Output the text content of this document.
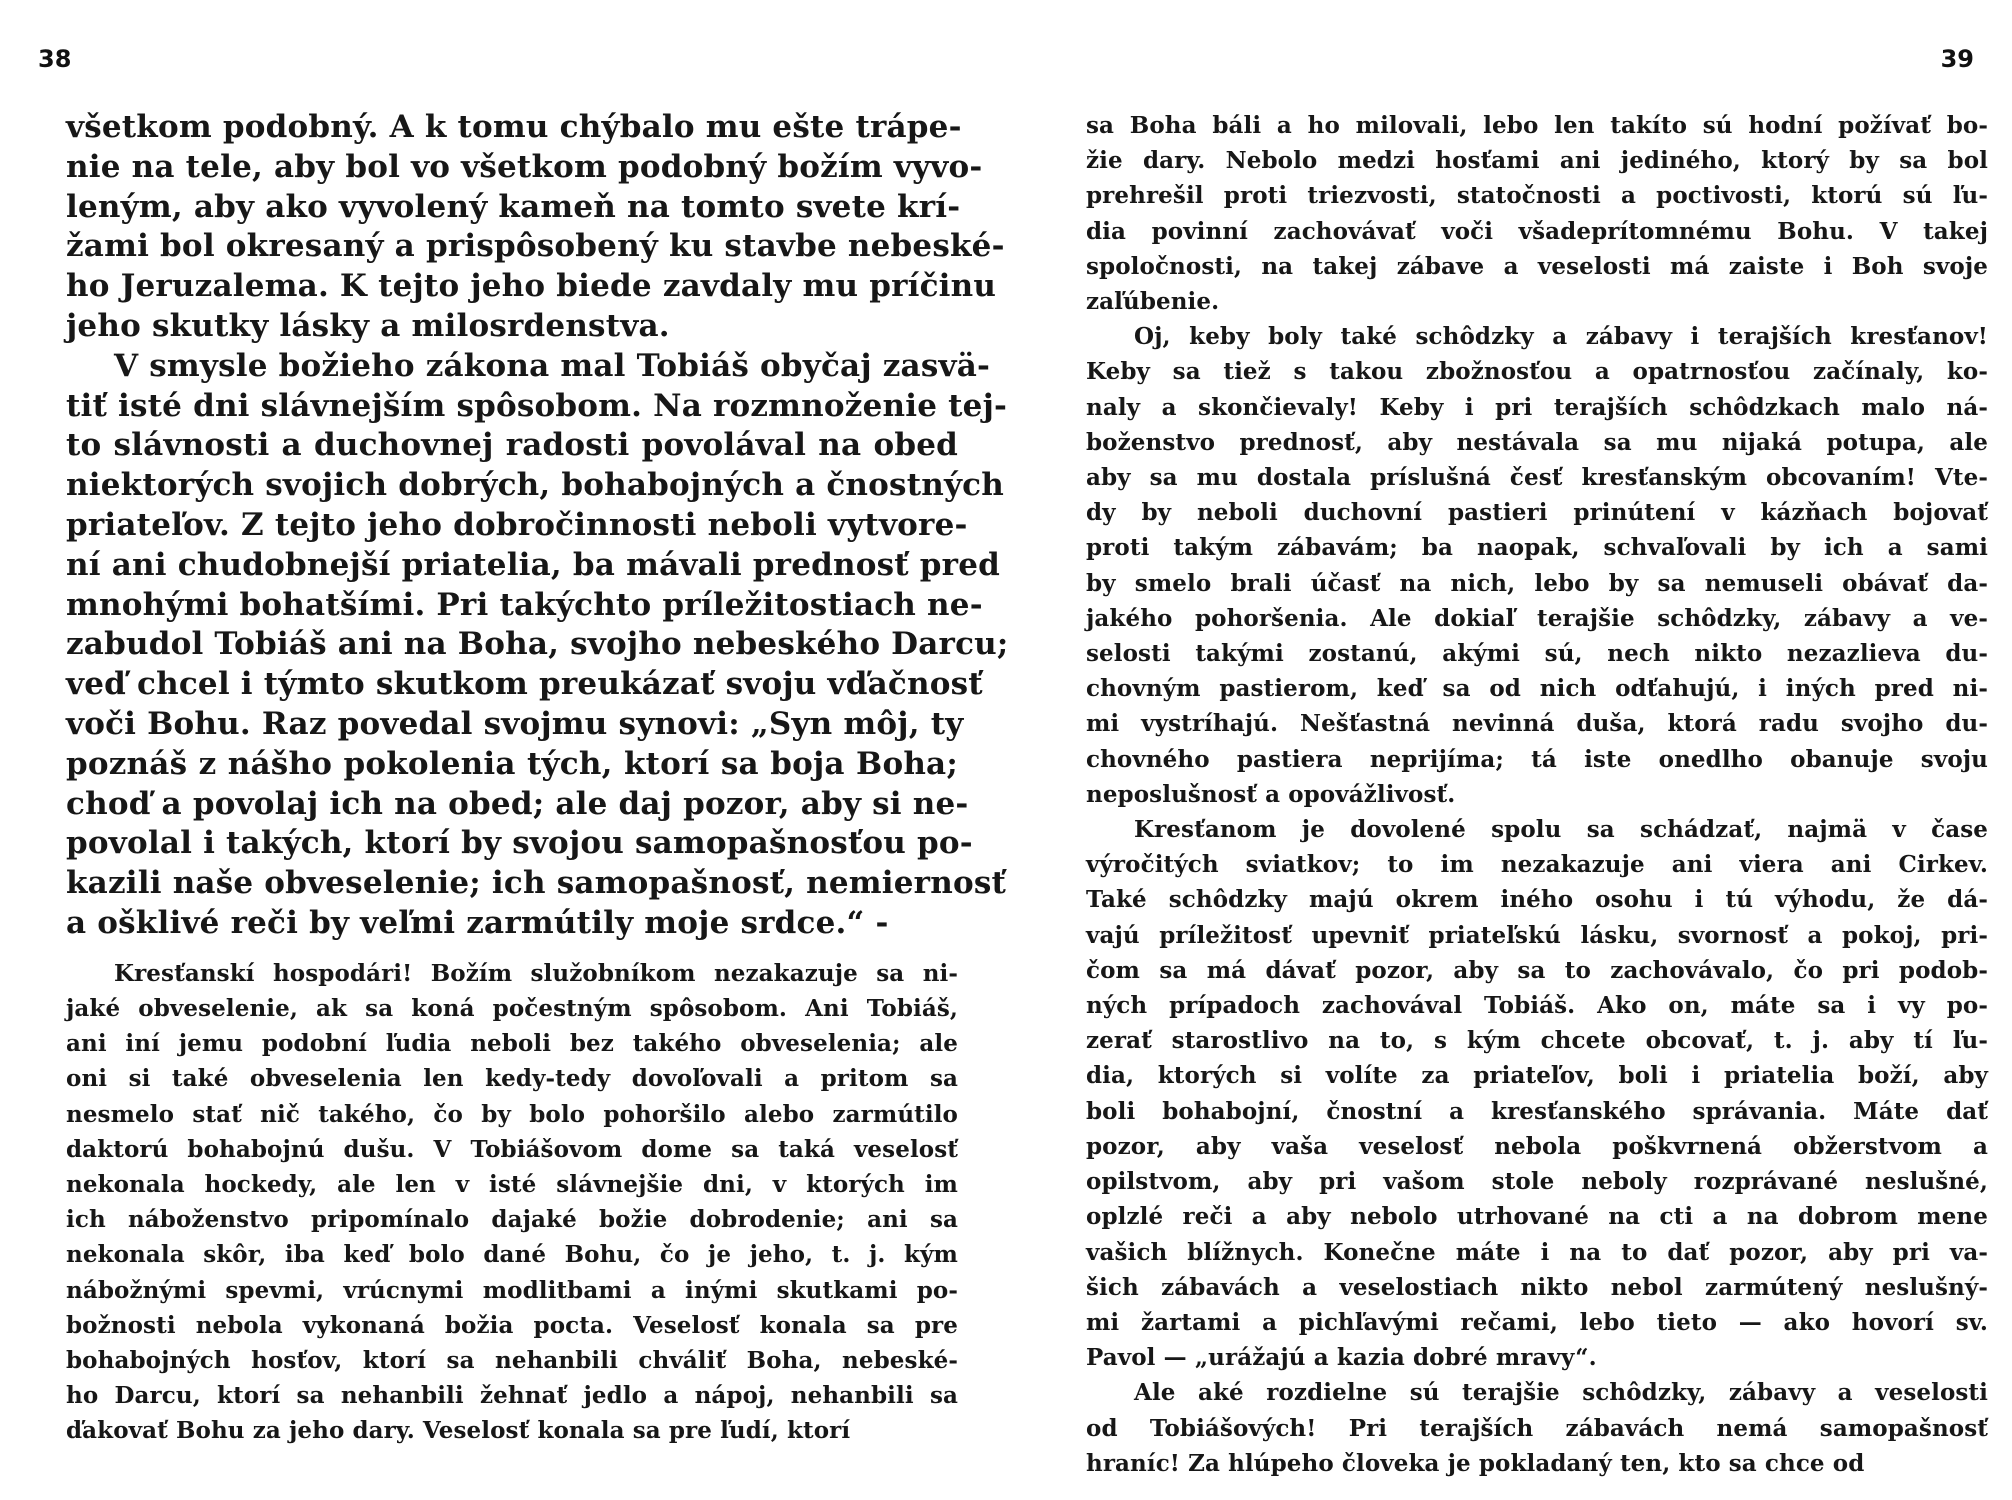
38

všetkom podobný. A k tomu chýbalo mu ešte trápe-
nie na tele, aby bol vo všetkom podobný božím vyvo-
leným, aby ako vyvolený kameň na tomto svete krí-
žami bol okresaný a prispôsobený ku stavbe nebeské-
ho Jeruzalema. K tejto jeho biede zavdaly mu príčinu
jeho skutky lásky a milosrdenstva.

V smysle božieho zákona mal Tobiáš obyčaj zasvä-
tiť isté dni slávnejším spôsobom. Na rozmnoženie tej-
to slávnosti a duchovnej radosti povolával na obed
niektorých svojich dobrých, bohabojných a čnostných
priateľov. Z tejto jeho dobročinnosti neboli vytvore-
ní ani chudobnejší priatelia, ba mávali prednosť pred
mnohými bohatšími. Pri takýchto príležitostiach ne-
zabudol Tobiáš ani na Boha, svojho nebeského Darcu;
veď chcel i týmto skutkom preukázať svoju vďačnosť
voči Bohu. Raz povedal svojmu synovi: „Syn môj, ty
poznáš z nášho pokolenia tých, ktorí sa boja Boha;
choď a povolaj ich na obed; ale daj pozor, aby si ne-
povolal i takých, ktorí by svojou samopašnosťou po-
kazili naše obveselenie; ich samopašnosť, nemiernosť
a ošklivé reči by veľmi zarmútily moje srdce.“ -

Kresťanskí hospodári! Božím služobníkom nezakazuje sa ni-
jaké obveselenie, ak sa koná počestným spôsobom. Ani Tobiáš,
ani iní jemu podobní ľudia neboli bez takého obveselenia; ale
oni si také obveselenia len kedy-tedy dovoľovali a pritom sa
nesmelo stať nič takého, čo by bolo pohoršilo alebo zarmútilo
daktorú bohabojnú dušu. V Tobiášovom dome sa taká veselosť
nekonala hockedy, ale len v isté slávnejšie dni, v ktorých im
ich náboženstvo pripomínalo dajaké božie dobrodenie; ani sa
nekonala skôr, iba keď bolo dané Bohu, čo je jeho, t. j. kým
nábožnými spevmi, vrúcnymi modlitbami a inými skutkami po-
božnosti nebola vykonaná božia pocta. Veselosť konala sa pre
bohabojných hosťov, ktorí sa nehanbili chváliť Boha, nebeské-
ho Darcu, ktorí sa nehanbili žehnať jedlo a nápoj, nehanbili sa
ďakovať Bohu za jeho dary. Veselosť konala sa pre ľudí, ktorí

39

sa Boha báli a ho milovali, lebo len takíto sú hodní požívať bo-
žie dary. Nebolo medzi hosťami ani jediného, ktorý by sa bol
prehrešil proti triezvosti, statočnosti a poctivosti, ktorú sú ľu-
dia povinní zachovávať voči všadeprítomnému Bohu. V takej
spoločnosti, na takej zábave a veselosti má zaiste i Boh svoje
zaľúbenie.

Oj, keby boly také schôdzky a zábavy i terajších kresťanov!
Keby sa tiež s takou zbožnosťou a opatrnosťou začínaly, ko-
naly a skončievaly! Keby i pri terajších schôdzkach malo ná-
boženstvo prednosť, aby nestávala sa mu nijaká potupa, ale
aby sa mu dostala príslušná česť kresťanským obcovaním! Vte-
dy by neboli duchovní pastieri prinútení v kázňach bojovať
proti takým zábavám; ba naopak, schvaľovali by ich a sami
by smelo brali účasť na nich, lebo by sa nemuseli obávať da-
jakého pohoršenia. Ale dokiaľ terajšie schôdzky, zábavy a ve-
selosti takými zostanú, akými sú, nech nikto nezazlieva du-
chovným pastierom, keď sa od nich odťahujú, i iných pred ni-
mi vystríhajú. Nešťastná nevinná duša, ktorá radu svojho du-
chovného pastiera neprijíma; tá iste onedlho obanuje svoju
neposlušnosť a opovážlivosť.

Kresťanom je dovolené spolu sa schádzať, najmä v čase
výročitých sviatkov; to im nezakazuje ani viera ani Cirkev.
Také schôdzky majú okrem iného osohu i tú výhodu, že dá-
vajú príležitosť upevniť priateľskú lásku, svornosť a pokoj, pri-
čom sa má dávať pozor, aby sa to zachovávalo, čo pri podob-
ných prípadoch zachovával Tobiáš. Ako on, máte sa i vy po-
zerať starostlivo na to, s kým chcete obcovať, t. j. aby tí ľu-
dia, ktorých si volíte za priateľov, boli i priatelia boží, aby
boli bohabojní, čnostní a kresťanského správania. Máte dať
pozor, aby vaša veselosť nebola poškvrnená obžerstvom a
opilstvom, aby pri vašom stole neboly rozprávané neslušné,
oplzlé reči a aby nebolo utrhované na cti a na dobrom mene
vašich blížnych. Konečne máte i na to dať pozor, aby pri va-
šich zábavách a veselostiach nikto nebol zarmútený neslušný-
mi žartami a pichľavými rečami, lebo tieto — ako hovorí sv.
Pavol — „urážajú a kazia dobré mravy“.

Ale aké rozdielne sú terajšie schôdzky, zábavy a veselosti
od Tobiášových! Pri terajších zábavách nemá samopašnosť
hraníc! Za hlúpeho človeka je pokladaný ten, kto sa chce od
